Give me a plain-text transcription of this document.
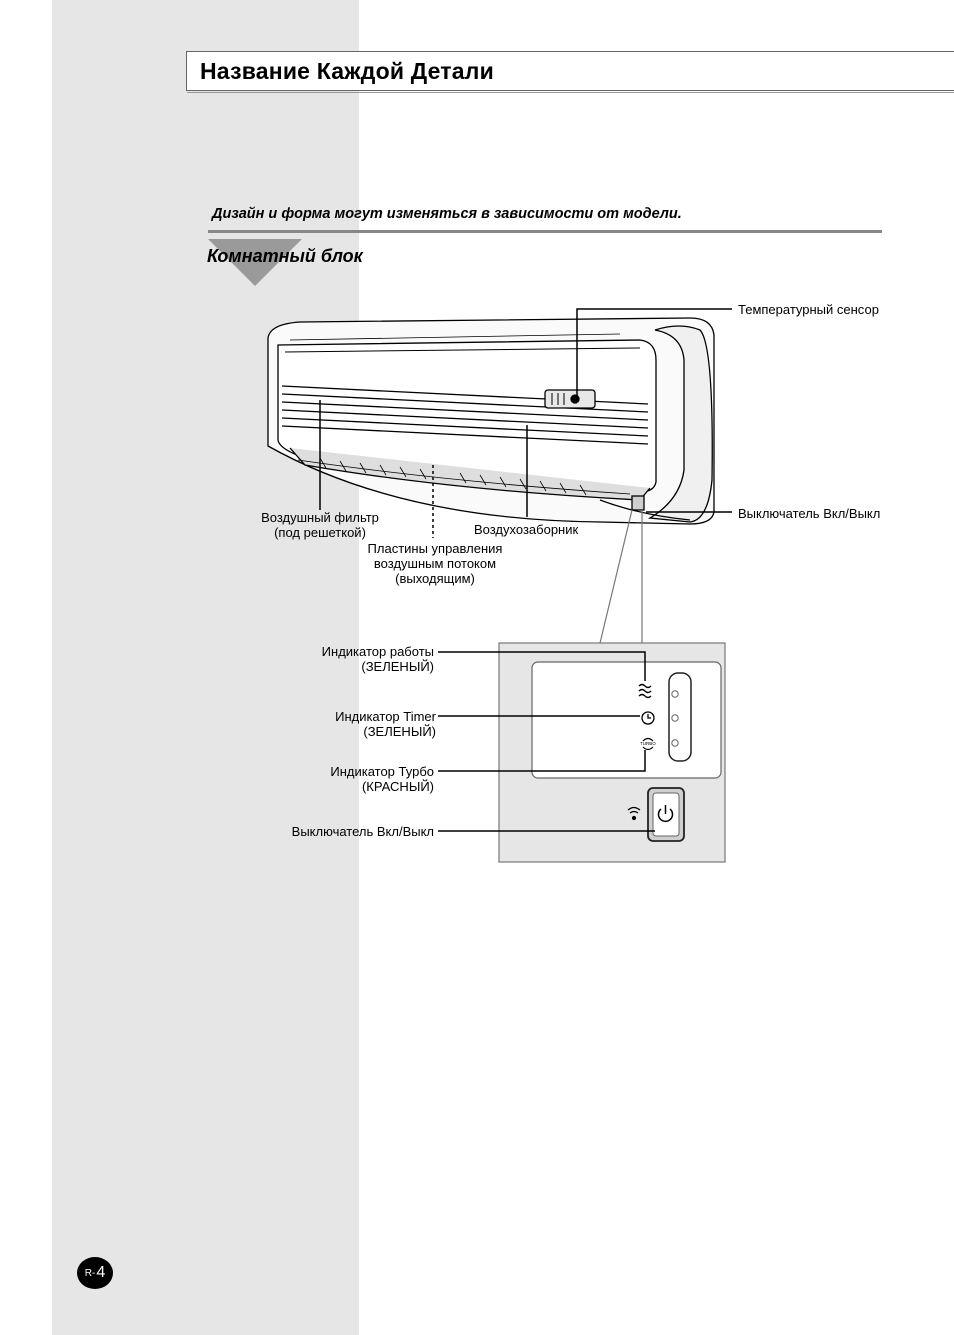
Название Каждой Детали
Дизайн и форма могут изменяться в зависимости от модели.
Комнатный блок
TURBO
Температурный сенсор
Выключатель Вкл/Выкл
Воздушный фильтр
(под решеткой)	Воздухозаборник
Пластины управления
воздушным потоком
(выходящим)
Индикатор работы
(ЗЕЛЕНЫЙ)
Индикатор Timer
(ЗЕЛЕНЫЙ)
Индикатор Турбо
(КРАСНЫЙ)
Выключатель Вкл/Выкл
R- 4
